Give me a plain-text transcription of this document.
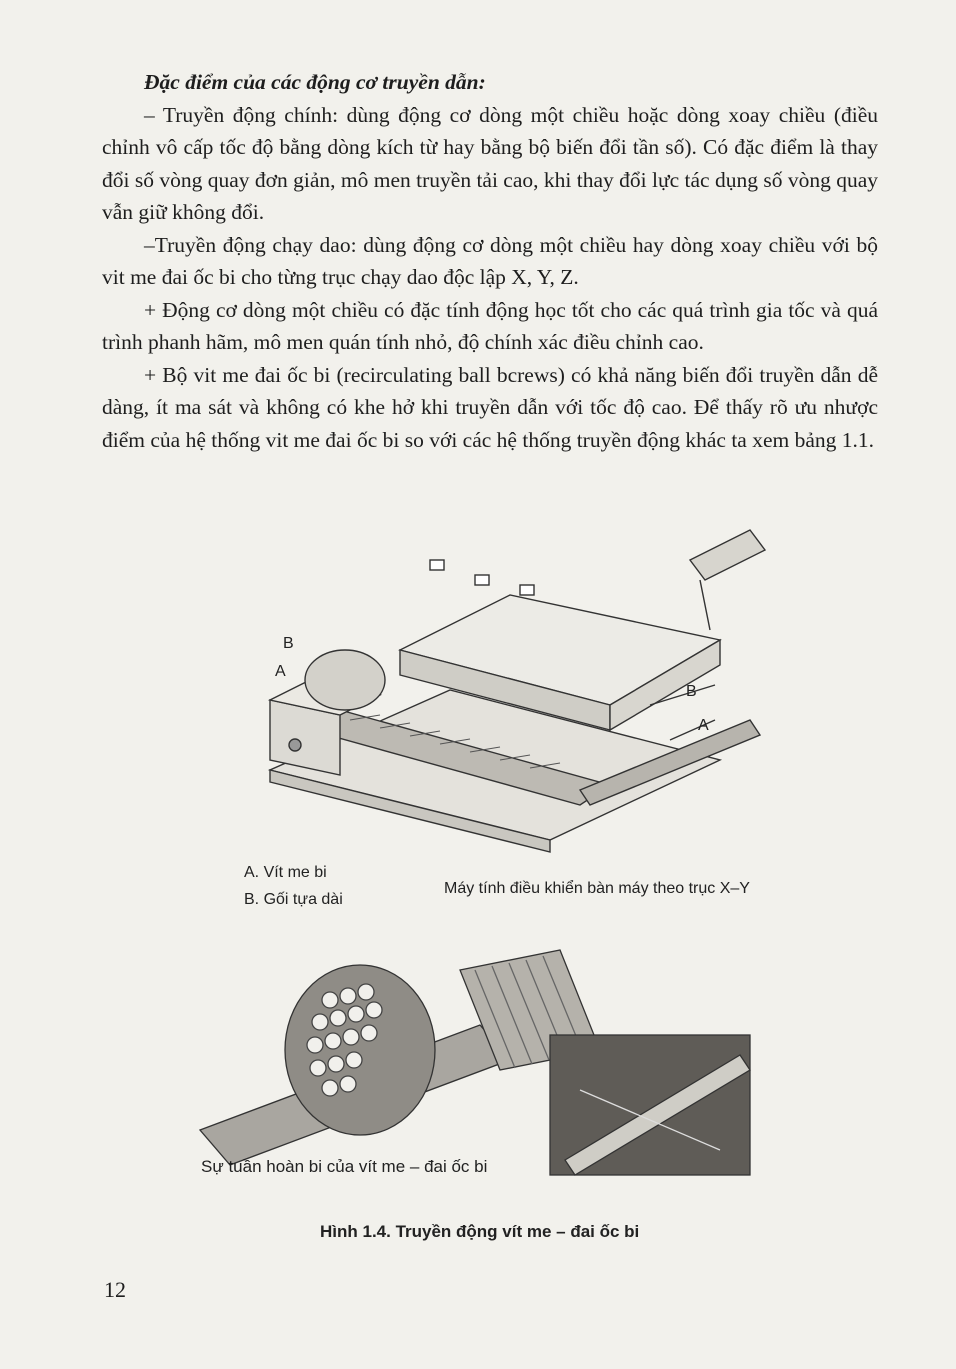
Đặc điểm của các động cơ truyền dẫn:

– Truyền động chính: dùng động cơ dòng một chiều hoặc dòng xoay chiều (điều chỉnh vô cấp tốc độ bằng dòng kích từ hay bằng bộ biến đổi tần số). Có đặc điểm là thay đổi số vòng quay đơn giản, mô men truyền tải cao, khi thay đổi lực tác dụng số vòng quay vẫn giữ không đổi.

–Truyền động chạy dao: dùng động cơ dòng một chiều hay dòng xoay chiều với bộ vit me đai ốc bi cho từng trục chạy dao độc lập X, Y, Z.

+ Động cơ dòng một chiều có đặc tính động học tốt cho các quá trình gia tốc và quá trình phanh hãm, mô men quán tính nhỏ, độ chính xác điều chỉnh cao.

+ Bộ vit me đai ốc bi (recirculating ball bcrews) có khả năng biến đổi truyền dẫn dễ dàng, ít ma sát và không có khe hở khi truyền dẫn với tốc độ cao. Để thấy rõ ưu nhược điểm của hệ thống vit me đai ốc bi so với các hệ thống truyền động khác ta xem bảng 1.1.

B
A
B
A
A. Vít me bi
B. Gối tựa dài
Máy tính điều khiển bàn máy theo trục X–Y
Sự tuần hoàn bi của vít me – đai ốc bi
Hình 1.4. Truyền động vít me – đai ốc bi
12
